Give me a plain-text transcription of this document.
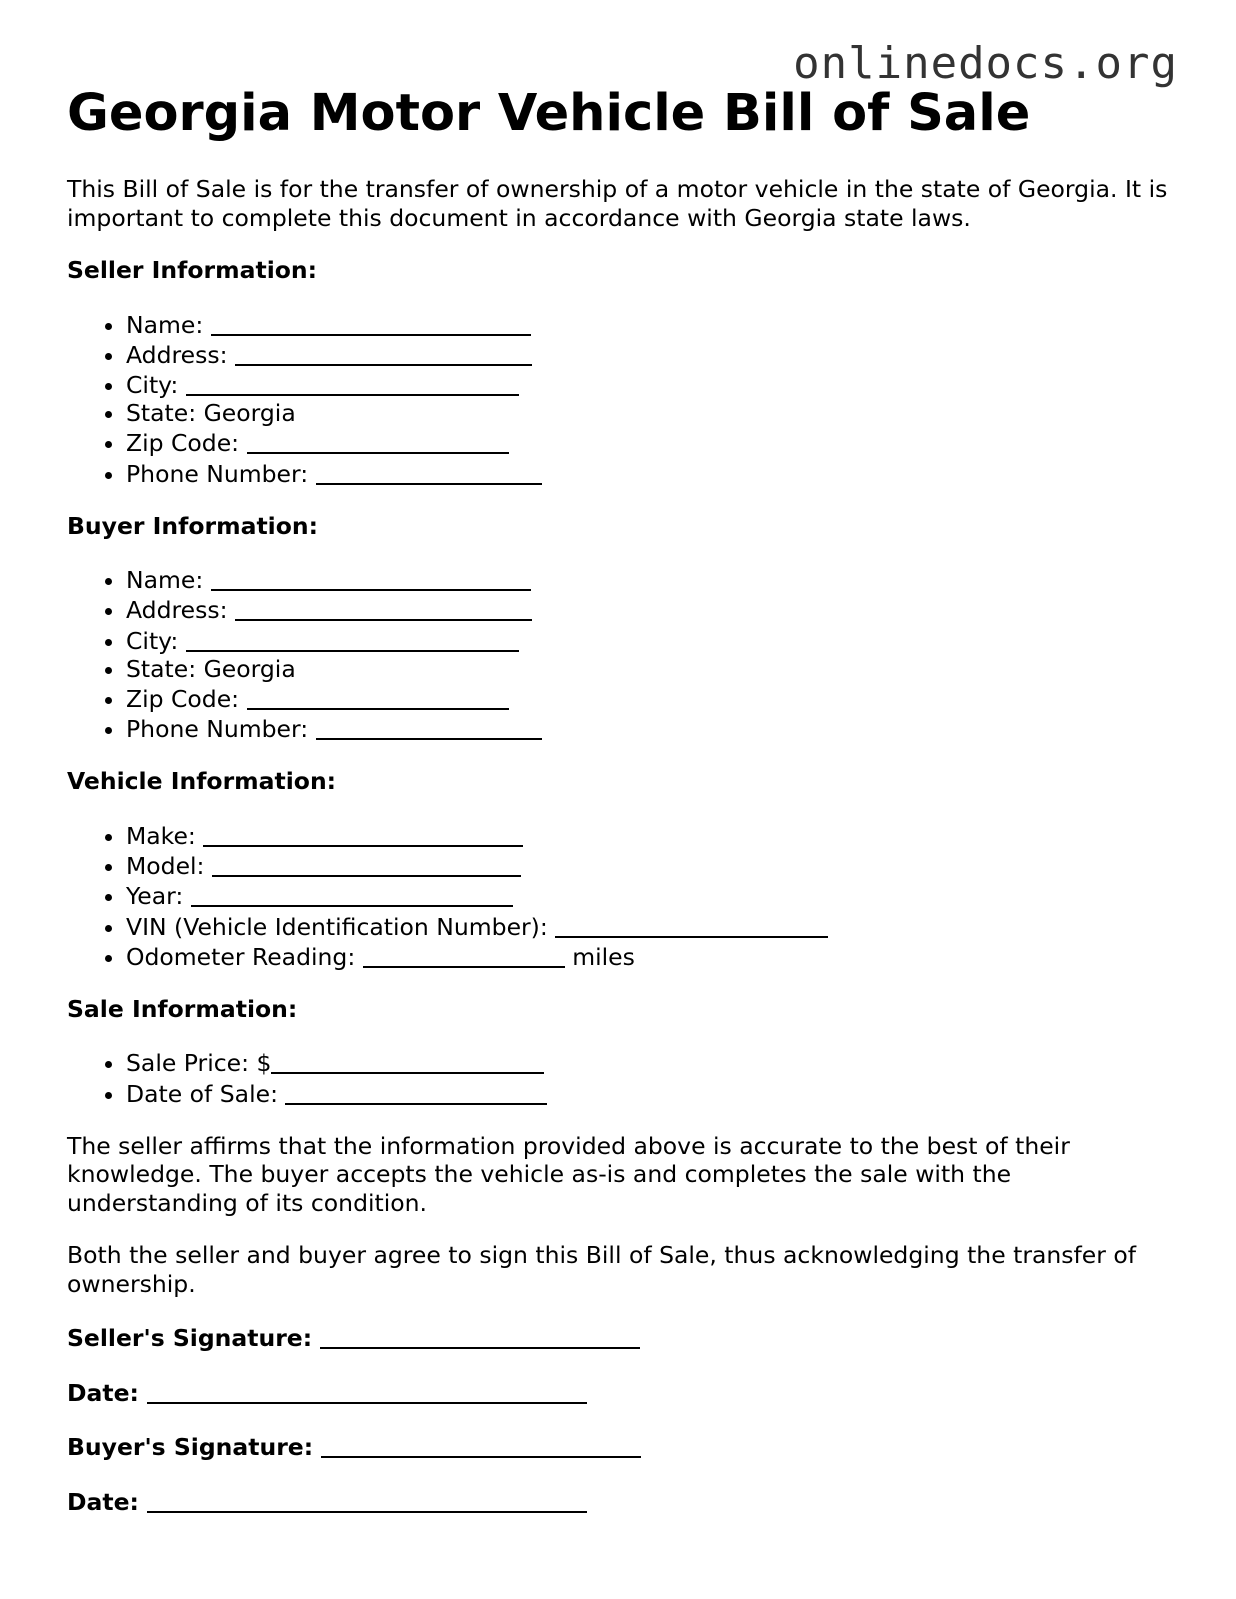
onlinedocs.org
Georgia Motor Vehicle Bill of Sale

This Bill of Sale is for the transfer of ownership of a motor vehicle in the state of Georgia. It is important to complete this document in accordance with Georgia state laws.

Seller Information:

• Name:
• Address:
• City:
• State: Georgia
• Zip Code:
• Phone Number:

Buyer Information:

• Name:
• Address:
• City:
• State: Georgia
• Zip Code:
• Phone Number:

Vehicle Information:

• Make:
• Model:
• Year:
• VIN (Vehicle Identification Number):
• Odometer Reading:	miles

Sale Information:

• Sale Price: $
• Date of Sale:

The seller affirms that the information provided above is accurate to the best of their knowledge. The buyer accepts the vehicle as-is and completes the sale with the understanding of its condition.

Both the seller and buyer agree to sign this Bill of Sale, thus acknowledging the transfer of ownership.

Seller's Signature:

Date:

Buyer's Signature:

Date:
